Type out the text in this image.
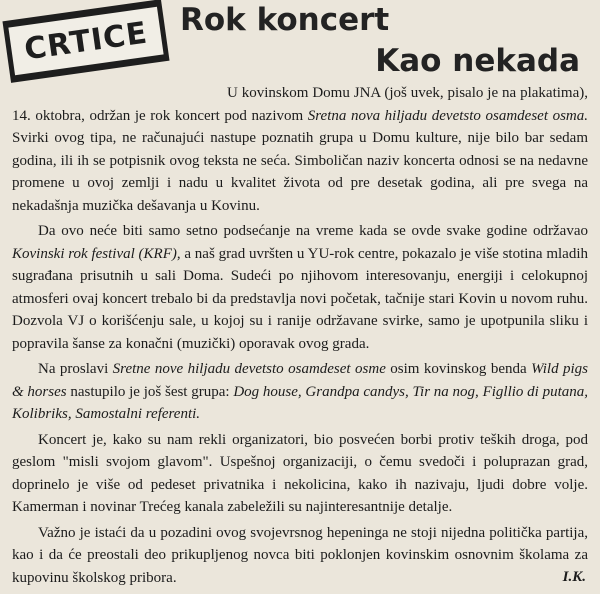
CRTICE Rok koncert
Kao nekada

U kovinskom Domu JNA (još uvek, pisalo je na plakatima), 14. oktobra, održan je rok koncert pod nazivom Sretna nova hiljadu devetsto osamdeset osma. Svirki ovog tipa, ne računajući nastupe poznatih grupa u Domu kulture, nije bilo bar sedam godina, ili ih se potpisnik ovog teksta ne seća. Simboličan naziv koncerta odnosi se na nedavne promene u ovoj zemlji i nadu u kvalitet života od pre desetak godina, ali pre svega na nekadašnja muzička dešavanja u Kovinu.

Da ovo neće biti samo setno podsećanje na vreme kada se ovde svake godine održavao Kovinski rok festival (KRF), a naš grad uvršten u YU-rok centre, pokazalo je više stotina mladih sugrađana prisutnih u sali Doma. Sudeći po njihovom interesovanju, energiji i celokupnoj atmosferi ovaj koncert trebalo bi da predstavlja novi početak, tačnije stari Kovin u novom ruhu. Dozvola VJ o korišćenju sale, u kojoj su i ranije održavane svirke, samo je upotpunila sliku i popravila šanse za konačni (muzički) oporavak ovog grada.

Na proslavi Sretne nove hiljadu devetsto osamdeset osme osim kovinskog benda Wild pigs & horses nastupilo je još šest grupa: Dog house, Grandpa candys, Tir na nog, Figllio di putana, Kolibriks, Samostalni referenti.

Koncert je, kako su nam rekli organizatori, bio posvećen borbi protiv teških droga, pod geslom "misli svojom glavom". Uspešnoj organizaciji, o čemu svedoči i poluprazan grad, doprinelo je više od pedeset privatnika i nekolicina, kako ih nazivaju, ljudi dobre volje. Kamerman i novinar Trećeg kanala zabeležili su najinteresantnije detalje.

Važno je istaći da u pozadini ovog svojevrsnog hepeninga ne stoji nijedna politička partija, kao i da će preostali deo prikupljenog novca biti poklonjen kovinskim osnovnim školama za kupovinu školskog pribora.	I.K.
